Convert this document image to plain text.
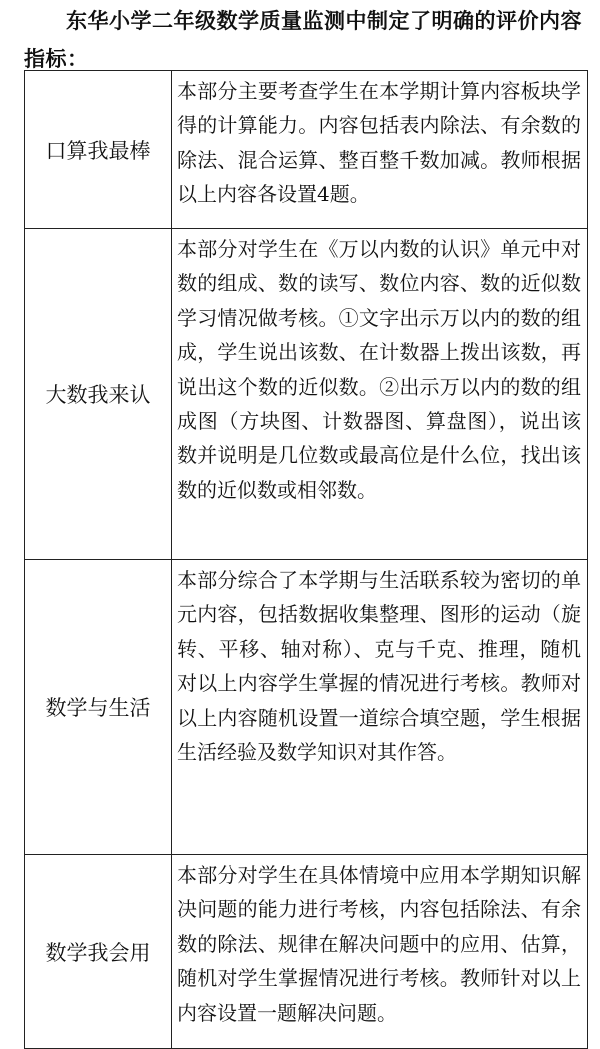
东华小学二年级数学质量监测中制定了明确的评价内容指标：

口算我最棒	本部分主要考查学生在本学期计算内容板块学得的计算能力。内容包括表内除法、有余数的除法、混合运算、整百整千数加减。教师根据以上内容各设置4题。
大数我来认	本部分对学生在《万以内数的认识》单元中对数的组成、数的读写、数位内容、数的近似数学习情况做考核。①文字出示万以内的数的组成，学生说出该数、在计数器上拨出该数，再说出这个数的近似数。②出示万以内的数的组成图（方块图、计数器图、算盘图），说出该数并说明是几位数或最高位是什么位，找出该数的近似数或相邻数。
数学与生活	本部分综合了本学期与生活联系较为密切的单元内容，包括数据收集整理、图形的运动（旋转、平移、轴对称）、克与千克、推理，随机对以上内容学生掌握的情况进行考核。教师对以上内容随机设置一道综合填空题，学生根据生活经验及数学知识对其作答。
数学我会用	本部分对学生在具体情境中应用本学期知识解决问题的能力进行考核，内容包括除法、有余数的除法、规律在解决问题中的应用、估算，随机对学生掌握情况进行考核。教师针对以上内容设置一题解决问题。
